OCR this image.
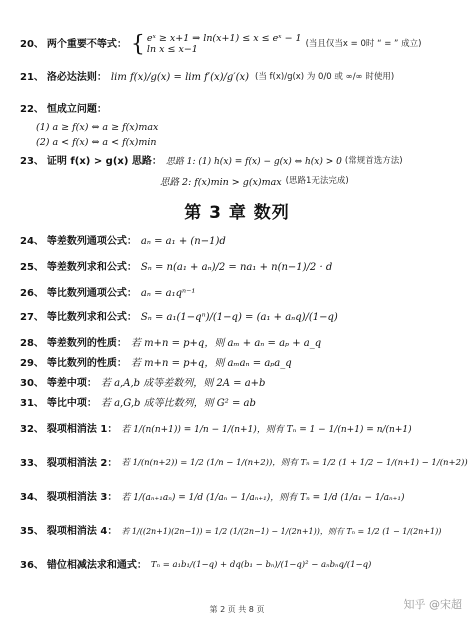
20、 两个重要不等式： { eˣ ≥ x+1 ⇒ ln(x+1) ≤ x ≤ eˣ − 1
ln x ≤ x−1	(当且仅当x = 0时 “ = ” 成立)
21、 洛必达法则： lim f(x)/g(x) = lim f′(x)/g′(x) (当 f(x)/g(x) 为 0/0 或 ∞/∞ 时使用)
22、 恒成立问题：
(1) a ≥ f(x) ⇔ a ≥ f(x)max
(2) a < f(x) ⇔ a < f(x)min
23、 证明 f(x) > g(x) 思路： 思路 1: (1) h(x) = f(x) − g(x) ⇔ h(x) > 0 (常规首选方法)
思路 2: f(x)min > g(x)max (思路1无法完成)
第 3 章 数列
24、 等差数列通项公式： aₙ = a₁ + (n−1)d
25、 等差数列求和公式： Sₙ = n(a₁ + aₙ)/2 = na₁ + n(n−1)/2 · d
26、 等比数列通项公式： aₙ = a₁qⁿ⁻¹
27、 等比数列求和公式： Sₙ = a₁(1−qⁿ)/(1−q) = (a₁ + aₙq)/(1−q)
28、 等差数列的性质： 若 m+n = p+q，则 aₘ + aₙ = aₚ + a_q
29、 等比数列的性质： 若 m+n = p+q，则 aₘaₙ = aₚa_q
30、 等差中项： 若 a,A,b 成等差数列，则 2A = a+b
31、 等比中项： 若 a,G,b 成等比数列，则 G² = ab
32、 裂项相消法 1： 若 1/(n(n+1)) = 1/n − 1/(n+1)，则有 Tₙ = 1 − 1/(n+1) = n/(n+1)
33、 裂项相消法 2： 若 1/(n(n+2)) = 1/2 (1/n − 1/(n+2))，则有 Tₙ = 1/2 (1 + 1/2 − 1/(n+1) − 1/(n+2))
34、 裂项相消法 3： 若 1/(aₙ₊₁aₙ) = 1/d (1/aₙ − 1/aₙ₊₁)，则有 Tₙ = 1/d (1/a₁ − 1/aₙ₊₁)
35、 裂项相消法 4： 若 1/((2n+1)(2n−1)) = 1/2 (1/(2n−1) − 1/(2n+1))，则有 Tₙ = 1/2 (1 − 1/(2n+1))
36、 错位相减法求和通式： Tₙ = a₁b₁/(1−q) + dq(b₁ − bₙ)/(1−q)² − aₙbₙq/(1−q)
第 2 页 共 8 页	知乎 @宋超
